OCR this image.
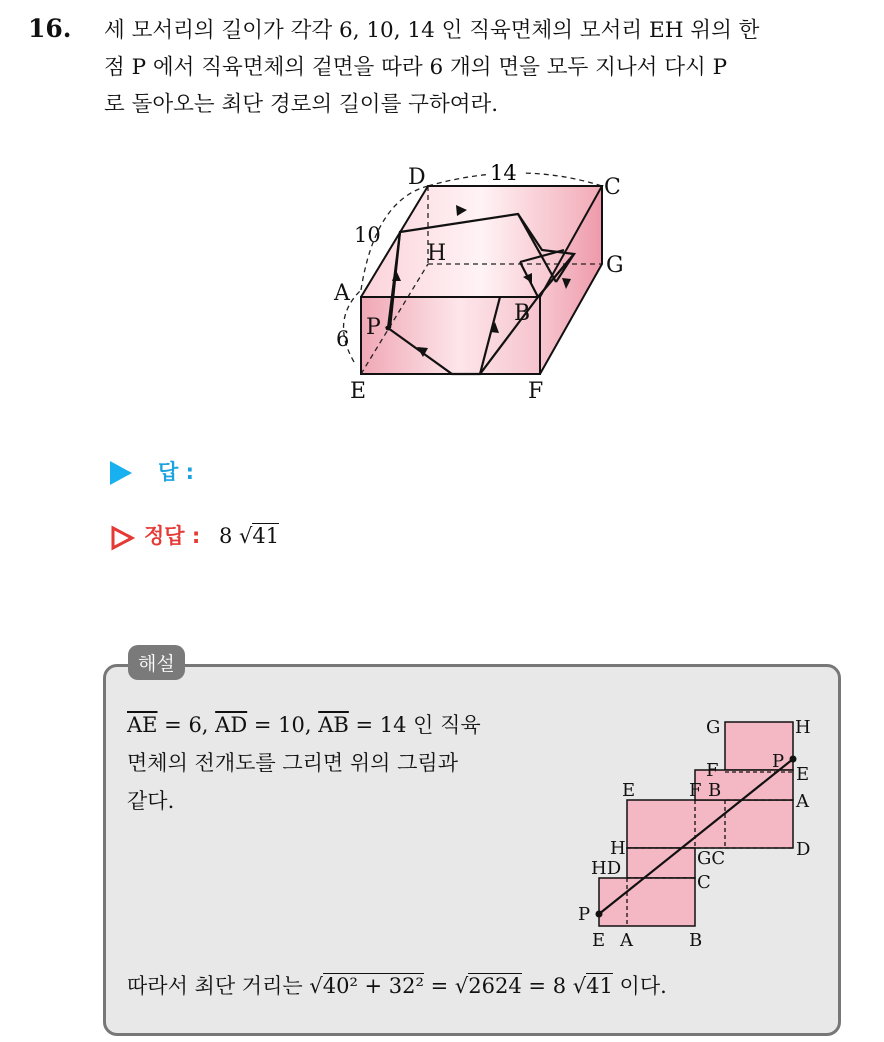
16. 세 모서리의 길이가 각각 6, 10, 14 인 직육면체의 모서리 EH 위의 한
점 P 에서 직육면체의 겉면을 따라 6 개의 면을 모두 지나서 다시 P
로 돌아오는 최단 경로의 길이를 구하여라.
D	C
G
H
A
B
P
E	F
10
6
14
답 :
정답 : 8 √41
해설
$\overline{AE} = 6$, $\overline{AD} = 10$, $\overline{AB} = 14$ 인 직육
면체의 전개도를 그리면 위의 그림과
같다.
G	H
P
F	E
E	F B
A
H	D
HD	GC
C
P
E A	B
따라서 최단 거리는 √40² + 32² = √2624 = 8 √41 이다.
